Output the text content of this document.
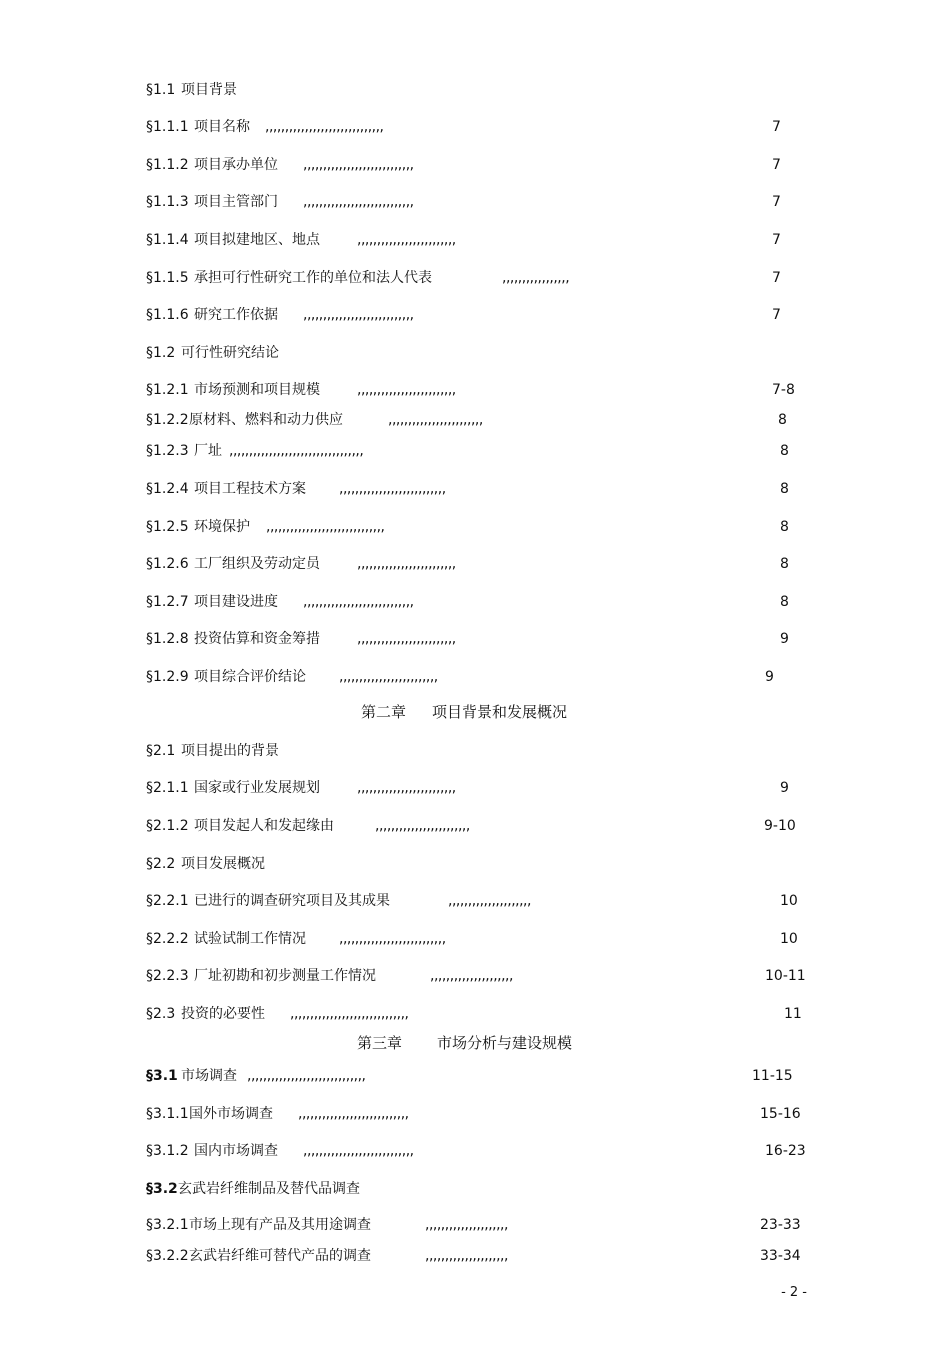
§1.1 项目背景
§1.1.1 项目名称 ,,,,,,,,,,,,,,,,,,,,,,,,,,,,,,	7
§1.1.2 项目承办单位 ,,,,,,,,,,,,,,,,,,,,,,,,,,,,	7
§1.1.3 项目主管部门 ,,,,,,,,,,,,,,,,,,,,,,,,,,,,	7
§1.1.4 项目拟建地区、地点	,,,,,,,,,,,,,,,,,,,,,,,,,	7
§1.1.5 承担可行性研究工作的单位和法人代表	,,,,,,,,,,,,,,,,,	7
§1.1.6 研究工作依据 ,,,,,,,,,,,,,,,,,,,,,,,,,,,,	7
§1.2 可行性研究结论
§1.2.1 市场预测和项目规模	,,,,,,,,,,,,,,,,,,,,,,,,,	7-8
§1.2.2 原材料、燃料和动力供应	,,,,,,,,,,,,,,,,,,,,,,,,	8
§1.2.3 厂址 ,,,,,,,,,,,,,,,,,,,,,,,,,,,,,,,,,,	8
§1.2.4 项目工程技术方案 ,,,,,,,,,,,,,,,,,,,,,,,,,,,	8
§1.2.5 环境保护 ,,,,,,,,,,,,,,,,,,,,,,,,,,,,,,	8
§1.2.6 工厂组织及劳动定员	,,,,,,,,,,,,,,,,,,,,,,,,,	8
§1.2.7 项目建设进度 ,,,,,,,,,,,,,,,,,,,,,,,,,,,,	8
§1.2.8 投资估算和资金筹措	,,,,,,,,,,,,,,,,,,,,,,,,,	9
§1.2.9 项目综合评价结论 ,,,,,,,,,,,,,,,,,,,,,,,,,	9
第二章 项目背景和发展概况
§2.1 项目提出的背景
§2.1.1 国家或行业发展规划	,,,,,,,,,,,,,,,,,,,,,,,,,	9
§2.1.2 项目发起人和发起缘由	,,,,,,,,,,,,,,,,,,,,,,,,	9-10
§2.2 项目发展概况
§2.2.1 已进行的调查研究项目及其成果	,,,,,,,,,,,,,,,,,,,,,	10
§2.2.2 试验试制工作情况 ,,,,,,,,,,,,,,,,,,,,,,,,,,,	10
§2.2.3 厂址初勘和初步测量工作情况	,,,,,,,,,,,,,,,,,,,,,	10-11
§2.3 投资的必要性 ,,,,,,,,,,,,,,,,,,,,,,,,,,,,,,	11
第三章 市场分析与建设规模
§3.1 市场调查 ,,,,,,,,,,,,,,,,,,,,,,,,,,,,,,	11-15
§3.1.1 国外市场调查 ,,,,,,,,,,,,,,,,,,,,,,,,,,,,	15-16
§3.1.2 国内市场调查 ,,,,,,,,,,,,,,,,,,,,,,,,,,,,	16-23
§3.2 玄武岩纤维制品及替代品调查
§3.2.1 市场上现有产品及其用途调查	,,,,,,,,,,,,,,,,,,,,,	23-33
§3.2.2 玄武岩纤维可替代产品的调查	,,,,,,,,,,,,,,,,,,,,,	33-34
- 2 -
